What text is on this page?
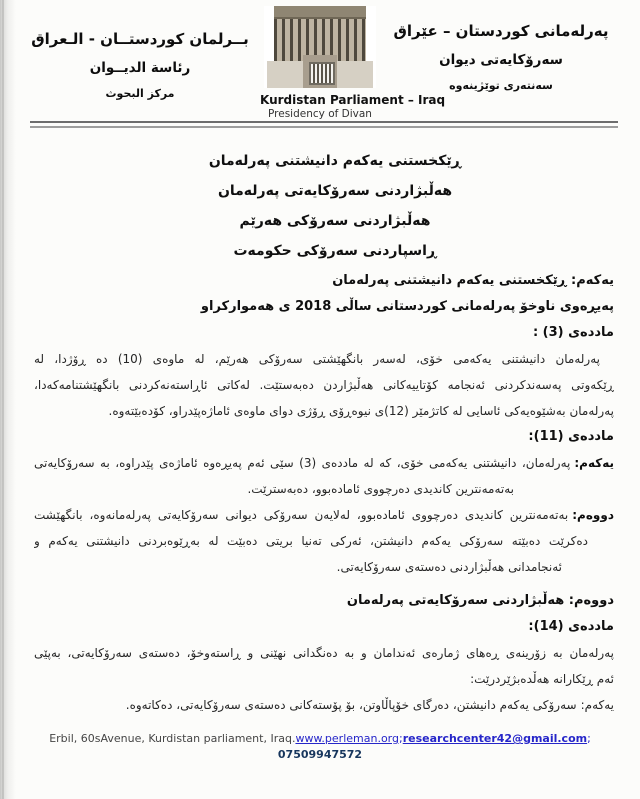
بــرلمان كوردستــان - الـعراق
رئاسة الديــوان
مركز البحوث	Kurdistan Parliament – Iraq
Presidency of Divan
پەرلەمانی کوردستان – عێراق
سەرۆکایەتی دیوان
سەنتەری توێژینەوە
ڕێکخستنی یەکەم دانیشتنی پەرلەمان
هەڵبژاردنی سەرۆکایەتی پەرلەمان
هەڵبژاردنی سەرۆکی هەرێم
ڕاسپاردنی سەرۆکی حکومەت
یەکەم: ڕێکخستنی یەکەم دانیشتنی پەرلەمان
پەیڕەوی ناوخۆ پەرلەمانی کوردستانی ساڵی 2018 ی هەموارکراو
ماددەی (3) :
پەرلەمان دانیشتنی یەکەمی خۆی، لەسەر بانگهێشتی سەرۆکی هەرێم، لە ماوەی (10) دە ڕۆژدا، لە
ڕێکەوتی پەسەندکردنی ئەنجامە کۆتاییەکانی هەڵبژاردن دەبەستێت. لەکاتی ئاڕاستەنەکردنی بانگهێشتنامەکەدا،
پەرلەمان بەشێوەیەکی ئاسایی لە کاتژمێر (12)ی نیوەڕۆی ڕۆژی دوای ماوەی ئاماژەپێدراو، کۆدەبێتەوە.
ماددەی (11):
یەکەم:پەرلەمان، دانیشتنی یەکەمی خۆی، کە لە ماددەی (3) سێی ئەم پەیڕەوە ئاماژەی پێدراوە، بە سەرۆکایەتی
بەتەمەنترین کاندیدی دەرچووی ئامادەبوو، دەبەسترێت.
دووەم:بەتەمەنترین کاندیدی دەرچووی ئامادەبوو، لەلایەن سەرۆکی دیوانی سەرۆکایەتی پەرلەمانەوە، بانگهێشت
دەکرێت دەبێتە سەرۆکی یەکەم دانیشتن، ئەرکی تەنیا بریتی دەبێت لە بەڕێوەبردنی دانیشتنی یەکەم و
ئەنجامدانی هەڵبژاردنی دەستەی سەرۆکایەتی.
دووەم: هەڵبژاردنی سەرۆکایەتی پەرلەمان
ماددەی (14):
پەرلەمان بە زۆرینەی ڕەهای ژمارەی ئەندامان و بە دەنگدانی نهێنی و ڕاستەوخۆ، دەستەی سەرۆکایەتی، بەپێی
ئەم ڕێکارانە هەڵدەبژێردرێت:
یەکەم:سەرۆکی یەکەم دانیشتن، دەرگای خۆپاڵاوتن، بۆ پۆستەکانی دەستەی سەرۆکایەتی، دەکاتەوە.
Erbil, 60sAvenue, Kurdistan parliament, Iraq.www.perleman.org;researchcenter42@gmail.com;
07509947572
